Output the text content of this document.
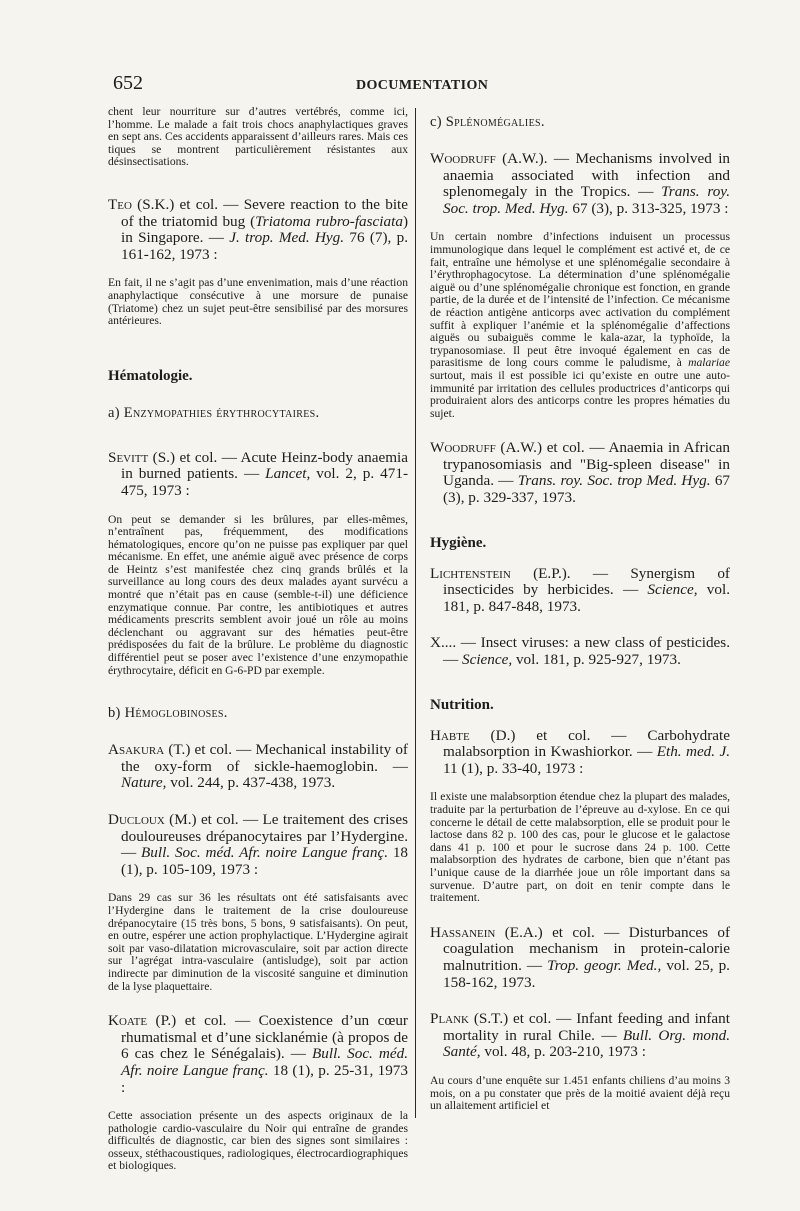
652	DOCUMENTATION

chent leur nourriture sur d’autres vertébrés, comme ici, l’homme. Le malade a fait trois chocs anaphylactiques graves en sept ans. Ces accidents apparaissent d’ailleurs rares. Mais ces tiques se montrent particulièrement résistantes aux désinsectisations.

Teo (S.K.) et col. — Severe reaction to the bite of the triatomid bug (Triatoma rubro-fasciata) in Singapore. — J. trop. Med. Hyg. 76 (7), p. 161-162, 1973 :

En fait, il ne s’agit pas d’une envenimation, mais d’une réaction anaphylactique consécutive à une morsure de punaise (Triatome) chez un sujet peut-être sensibilisé par des morsures antérieures.

Hématologie.

a) Enzymopathies érythrocytaires.

Sevitt (S.) et col. — Acute Heinz-body anaemia in burned patients. — Lancet, vol. 2, p. 471-475, 1973 :

On peut se demander si les brûlures, par elles-mêmes, n’entraînent pas, fréquemment, des modifications hématologiques, encore qu’on ne puisse pas expliquer par quel mécanisme. En effet, une anémie aiguë avec présence de corps de Heintz s’est manifestée chez cinq grands brûlés et la surveillance au long cours des deux malades ayant survécu a montré que n’était pas en cause (semble-t-il) une déficience enzymatique connue. Par contre, les antibiotiques et autres médicaments prescrits semblent avoir joué un rôle au moins déclenchant ou aggravant sur des hématies peut-être prédisposées du fait de la brûlure. Le problème du diagnostic différentiel peut se poser avec l’existence d’une enzymopathie érythrocytaire, déficit en G-6-PD par exemple.

b) Hémoglobinoses.

Asakura (T.) et col. — Mechanical instability of the oxy-form of sickle-haemoglobin. — Nature, vol. 244, p. 437-438, 1973.

Ducloux (M.) et col. — Le traitement des crises douloureuses drépanocytaires par l’Hydergine. — Bull. Soc. méd. Afr. noire Langue franç. 18 (1), p. 105-109, 1973 :

Dans 29 cas sur 36 les résultats ont été satisfaisants avec l’Hydergine dans le traitement de la crise douloureuse drépanocytaire (15 très bons, 5 bons, 9 satisfaisants). On peut, en outre, espérer une action prophylactique. L’Hydergine agirait soit par vaso-dilatation microvasculaire, soit par action directe sur l’agrégat intra-vasculaire (antisludge), soit par action indirecte par diminution de la viscosité sanguine et diminution de la lyse plaquettaire.

Koate (P.) et col. — Coexistence d’un cœur rhumatismal et d’une sicklanémie (à propos de 6 cas chez le Sénégalais). — Bull. Soc. méd. Afr. noire Langue franç. 18 (1), p. 25-31, 1973 :

Cette association présente un des aspects originaux de la pathologie cardio-vasculaire du Noir qui entraîne de grandes difficultés de diagnostic, car bien des signes sont similaires : osseux, stéthacoustiques, radiologiques, électrocardiographiques et biologiques.

c) Splénomégalies.

Woodruff (A.W.). — Mechanisms involved in anaemia associated with infection and splenomegaly in the Tropics. — Trans. roy. Soc. trop. Med. Hyg. 67 (3), p. 313-325, 1973 :

Un certain nombre d’infections induisent un processus immunologique dans lequel le complément est activé et, de ce fait, entraîne une hémolyse et une splénomégalie secondaire à l’érythrophagocytose. La détermination d’une splénomégalie aiguë ou d’une splénomégalie chronique est fonction, en grande partie, de la durée et de l’intensité de l’infection. Ce mécanisme de réaction antigène anticorps avec activation du complément suffit à expliquer l’anémie et la splénomégalie d’affections aiguës ou subaiguës comme le kala-azar, la typhoïde, la trypanosomiase. Il peut être invoqué également en cas de parasitisme de long cours comme le paludisme, à malariae surtout, mais il est possible ici qu’existe en outre une auto-immunité par irritation des cellules productrices d’anticorps qui produiraient alors des anticorps contre les propres hématies du sujet.

Woodruff (A.W.) et col. — Anaemia in African trypanosomiasis and "Big-spleen disease" in Uganda. — Trans. roy. Soc. trop Med. Hyg. 67 (3), p. 329-337, 1973.

Hygiène.

Lichtenstein (E.P.). — Synergism of insecticides by herbicides. — Science, vol. 181, p. 847-848, 1973.

X.... — Insect viruses: a new class of pesticides. — Science, vol. 181, p. 925-927, 1973.

Nutrition.

Habte (D.) et col. — Carbohydrate malabsorption in Kwashiorkor. — Eth. med. J. 11 (1), p. 33-40, 1973 :

Il existe une malabsorption étendue chez la plupart des malades, traduite par la perturbation de l’épreuve au d-xylose. En ce qui concerne le détail de cette malabsorption, elle se produit pour le lactose dans 82 p. 100 des cas, pour le glucose et le galactose dans 41 p. 100 et pour le sucrose dans 24 p. 100. Cette malabsorption des hydrates de carbone, bien que n’étant pas l’unique cause de la diarrhée joue un rôle important dans sa survenue. D’autre part, on doit en tenir compte dans le traitement.

Hassanein (E.A.) et col. — Disturbances of coagulation mechanism in protein-calorie malnutrition. — Trop. geogr. Med., vol. 25, p. 158-162, 1973.

Plank (S.T.) et col. — Infant feeding and infant mortality in rural Chile. — Bull. Org. mond. Santé, vol. 48, p. 203-210, 1973 :

Au cours d’une enquête sur 1.451 enfants chiliens d’au moins 3 mois, on a pu constater que près de la moitié avaient déjà reçu un allaitement artificiel et
